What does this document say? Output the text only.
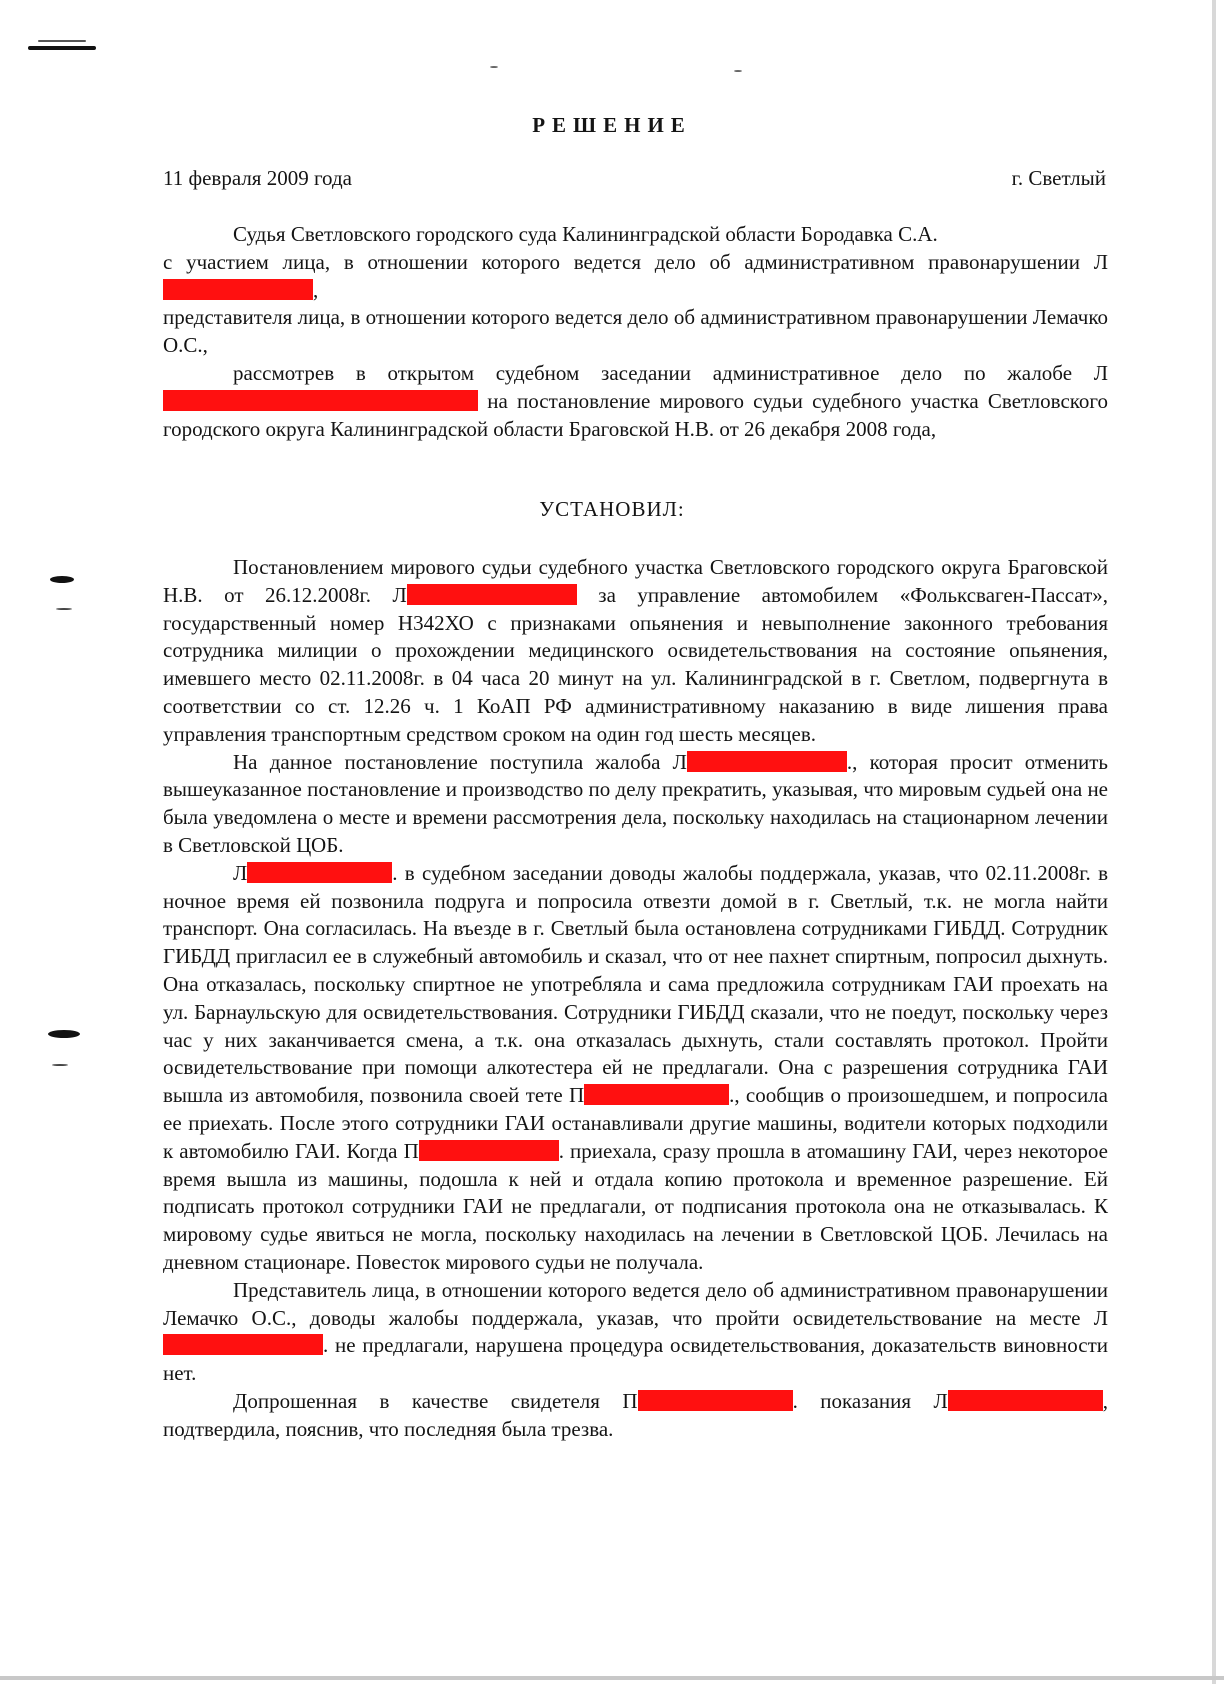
РЕШЕНИЕ
11 февраля 2009 года	г. Светлый

Судья Светловского городского суда Калининградской области Бородавка С.А.

с участием лица, в отношении которого ведется дело об административном правонарушении Л,

представителя лица, в отношении которого ведется дело об административном правонарушении Лемачко О.С.,

рассмотрев в открытом судебном заседании административное дело по жалобе Л на постановление мирового судьи судебного участка Светловского городского округа Калининградской области Браговской Н.В. от 26 декабря 2008 года,

УСТАНОВИЛ:

Постановлением мирового судьи судебного участка Светловского городского округа Браговской Н.В. от 26.12.2008г. Л	за управление автомобилем «Фольксваген-Пассат», государственный номер Н342ХО с признаками опьянения и невыполнение законного требования сотрудника милиции о прохождении медицинского освидетельствования на состояние опьянения, имевшего место 02.11.2008г. в 04 часа 20 минут на ул. Калининградской в г. Светлом, подвергнута в соответствии со ст. 12.26 ч. 1 КоАП РФ административному наказанию в виде лишения права управления транспортным средством сроком на один год шесть месяцев.

На данное постановление поступила жалоба Л	., которая просит отменить вышеуказанное постановление и производство по делу прекратить, указывая, что мировым судьей она не была уведомлена о месте и времени рассмотрения дела, поскольку находилась на стационарном лечении в Светловской ЦОБ.

Л	. в судебном заседании доводы жалобы поддержала, указав, что 02.11.2008г. в ночное время ей позвонила подруга и попросила отвезти домой в г. Светлый, т.к. не могла найти транспорт. Она согласилась. На въезде в г. Светлый была остановлена сотрудниками ГИБДД. Сотрудник ГИБДД пригласил ее в служебный автомобиль и сказал, что от нее пахнет спиртным, попросил дыхнуть. Она отказалась, поскольку спиртное не употребляла и сама предложила сотрудникам ГАИ проехать на ул. Барнаульскую для освидетельствования. Сотрудники ГИБДД сказали, что не поедут, поскольку через час у них заканчивается смена, а т.к. она отказалась дыхнуть, стали составлять протокол. Пройти освидетельствование при помощи алкотестера ей не предлагали. Она с разрешения сотрудника ГАИ вышла из автомобиля, позвонила своей тете П	., сообщив о произошедшем, и попросила ее приехать. После этого сотрудники ГАИ останавливали другие машины, водители которых подходили к автомобилю ГАИ. Когда П	. приехала, сразу прошла в атомашину ГАИ, через некоторое время вышла из машины, подошла к ней и отдала копию протокола и временное разрешение. Ей подписать протокол сотрудники ГАИ не предлагали, от подписания протокола она не отказывалась. К мировому судье явиться не могла, поскольку находилась на лечении в Светловской ЦОБ. Лечилась на дневном стационаре. Повесток мирового судьи не получала.

Представитель лица, в отношении которого ведется дело об административном правонарушении Лемачко О.С., доводы жалобы поддержала, указав, что пройти освидетельствование на месте Л. не предлагали, нарушена процедура освидетельствования, доказательств виновности нет.

Допрошенная в качестве свидетеля П	. показания Л	, подтвердила, пояснив, что последняя была трезва.
